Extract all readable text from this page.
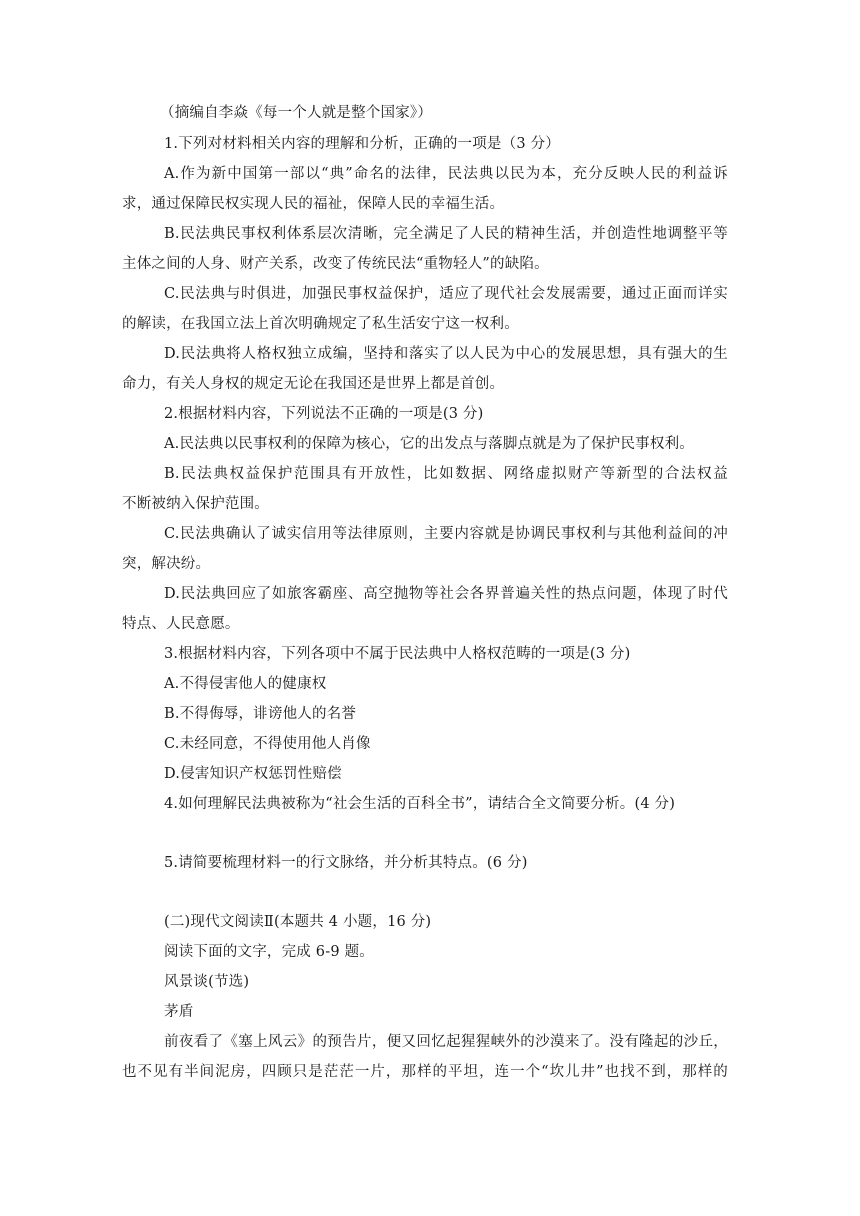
（摘编自李焱《每一个人就是整个国家》）
1.下列对材料相关内容的理解和分析，正确的一项是（3 分）
A.作为新中国第一部以“典”命名的法律，民法典以民为本，充分反映人民的利益诉
求，通过保障民权实现人民的福祉，保障人民的幸福生活。
B.民法典民事权利体系层次清晰，完全满足了人民的精神生活，并创造性地调整平等
主体之间的人身、财产关系，改变了传统民法“重物轻人”的缺陷。
C.民法典与时俱进，加强民事权益保护，适应了现代社会发展需要，通过正面而详实
的解读，在我国立法上首次明确规定了私生活安宁这一权利。
D.民法典将人格权独立成编，坚持和落实了以人民为中心的发展思想，具有强大的生
命力，有关人身权的规定无论在我国还是世界上都是首创。
2.根据材料内容，下列说法不正确的一项是(3 分)
A.民法典以民事权利的保障为核心，它的出发点与落脚点就是为了保护民事权利。
B.民法典权益保护范围具有开放性，比如数据、网络虚拟财产等新型的合法权益
不断被纳入保护范围。
C.民法典确认了诚实信用等法律原则，主要内容就是协调民事权利与其他利益间的冲
突，解决纷。
D.民法典回应了如旅客霸座、高空抛物等社会各界普遍关性的热点问题，体现了时代
特点、人民意愿。
3.根据材料内容，下列各项中不属于民法典中人格权范畴的一项是(3 分)
A.不得侵害他人的健康权
B.不得侮辱，诽谤他人的名誉
C.未经同意，不得使用他人肖像
D.侵害知识产权惩罚性赔偿
4.如何理解民法典被称为“社会生活的百科全书”，请结合全文简要分析。(4 分)
5.请简要梳理材料一的行文脉络，并分析其特点。(6 分)
(二)现代文阅读Ⅱ(本题共 4 小题，16 分)
阅读下面的文字，完成 6-9 题。
风景谈(节选)
茅盾
前夜看了《塞上风云》的预告片，便又回忆起猩猩峡外的沙漠来了。没有隆起的沙丘，
也不见有半间泥房，四顾只是茫茫一片，那样的平坦，连一个“坎儿井”也找不到，那样的
